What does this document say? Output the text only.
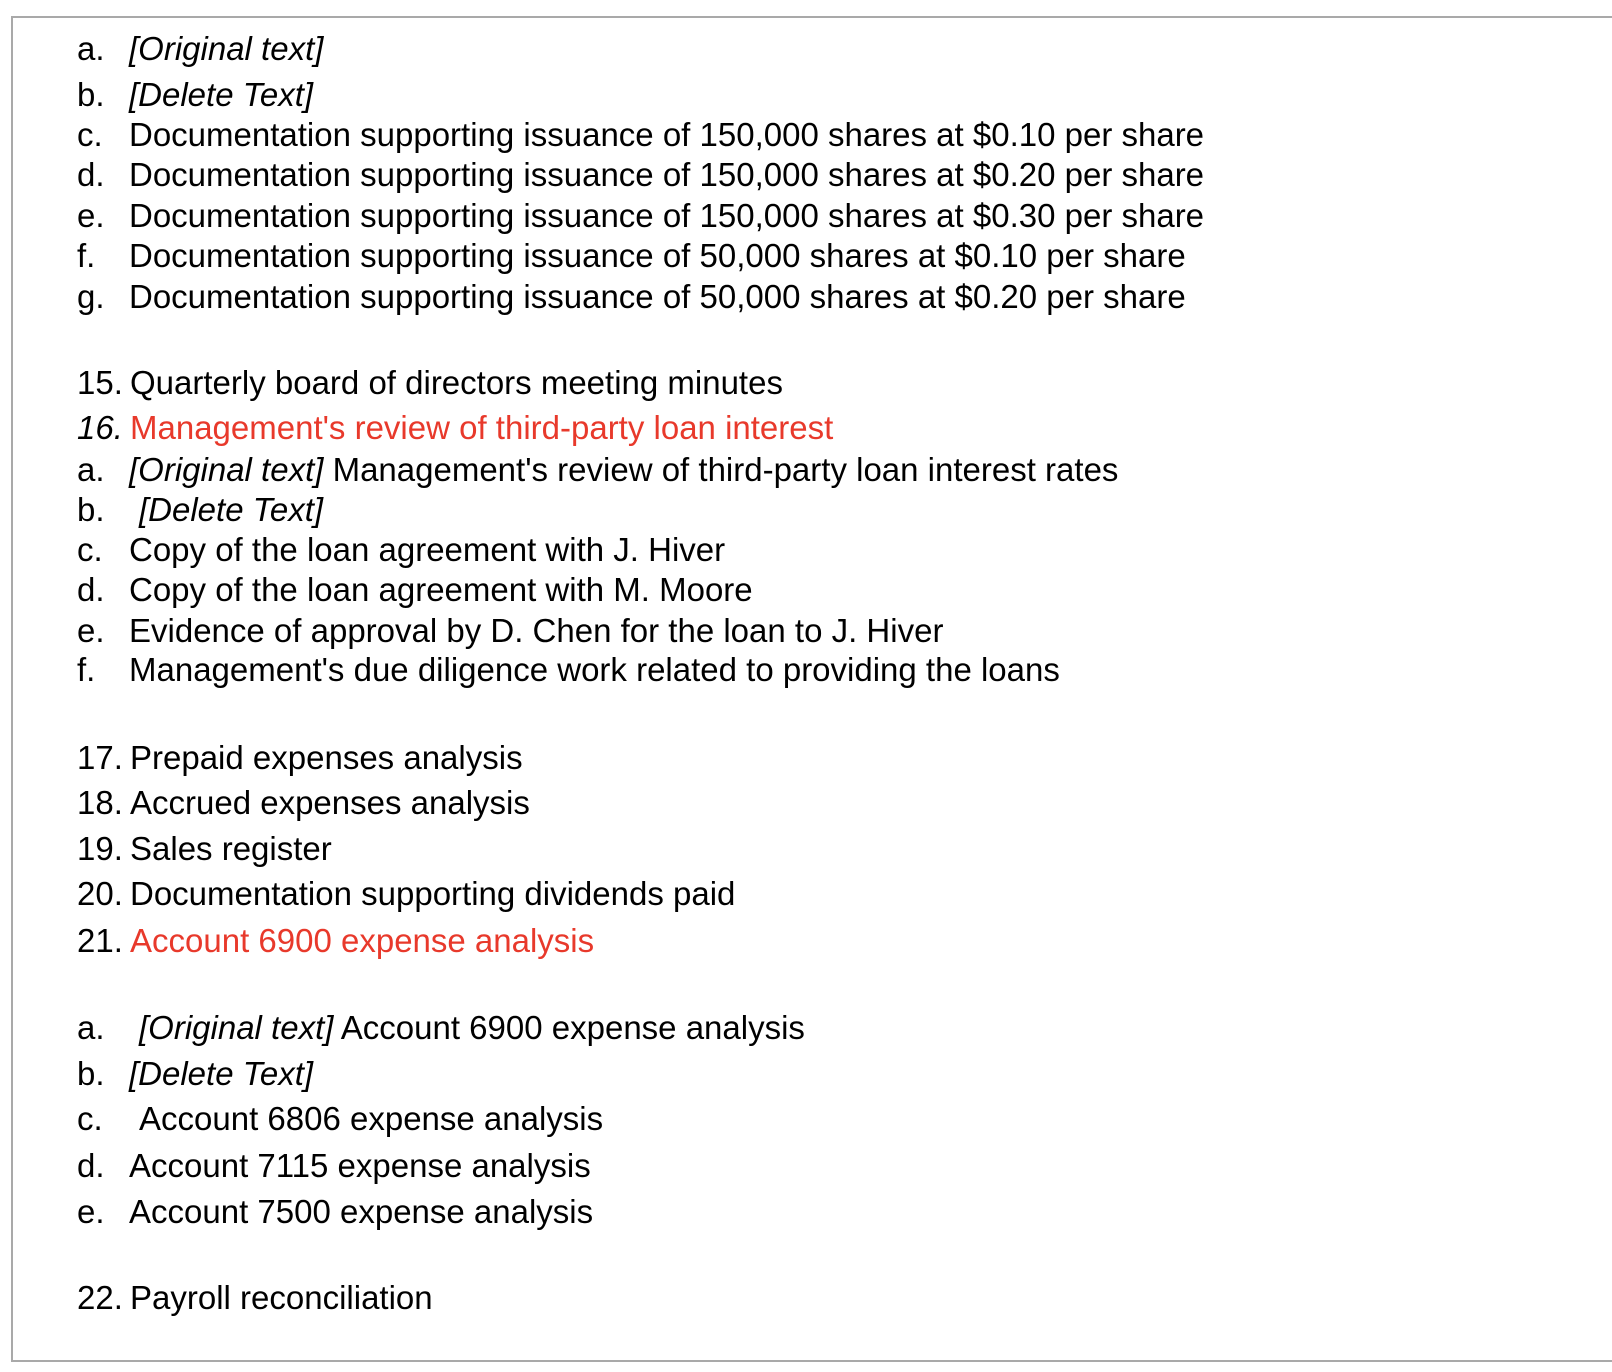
a. [Original text]
b. [Delete Text]
c. Documentation supporting issuance of 150,000 shares at $0.10 per share
d. Documentation supporting issuance of 150,000 shares at $0.20 per share
e. Documentation supporting issuance of 150,000 shares at $0.30 per share
f. Documentation supporting issuance of 50,000 shares at $0.10 per share
g. Documentation supporting issuance of 50,000 shares at $0.20 per share
15. Quarterly board of directors meeting minutes
16. Management's review of third-party loan interest
a. [Original text] Management's review of third-party loan interest rates
b. [Delete Text]
c. Copy of the loan agreement with J. Hiver
d. Copy of the loan agreement with M. Moore
e. Evidence of approval by D. Chen for the loan to J. Hiver
f. Management's due diligence work related to providing the loans
17. Prepaid expenses analysis
18. Accrued expenses analysis
19. Sales register
20. Documentation supporting dividends paid
21. Account 6900 expense analysis
a. [Original text] Account 6900 expense analysis
b. [Delete Text]
c. Account 6806 expense analysis
d. Account 7115 expense analysis
e. Account 7500 expense analysis
22. Payroll reconciliation
